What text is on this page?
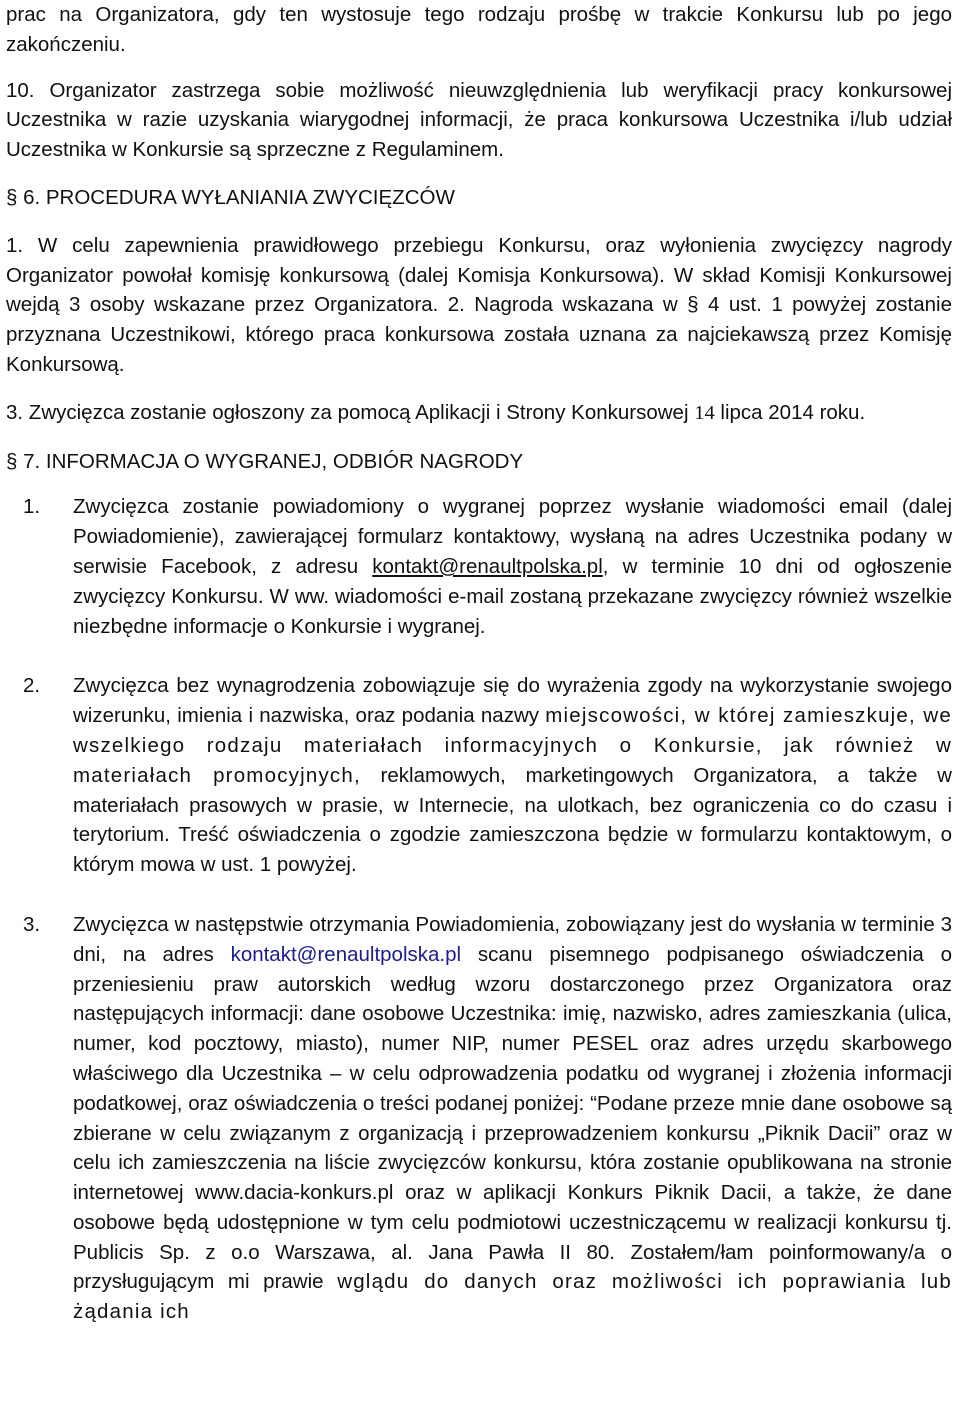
prac na Organizatora, gdy ten wystosuje tego rodzaju prośbę w trakcie Konkursu lub po jego zakończeniu.

10. Organizator zastrzega sobie możliwość nieuwzględnienia lub weryfikacji pracy konkursowej Uczestnika w razie uzyskania wiarygodnej informacji, że praca konkursowa Uczestnika i/lub udział Uczestnika w Konkursie są sprzeczne z Regulaminem.

§ 6. PROCEDURA WYŁANIANIA ZWYCIĘZCÓW

1. W celu zapewnienia prawidłowego przebiegu Konkursu, oraz wyłonienia zwycięzcy nagrody Organizator powołał komisję konkursową (dalej Komisja Konkursowa). W skład Komisji Konkursowej wejdą 3 osoby wskazane przez Organizatora. 2. Nagroda wskazana w § 4 ust. 1 powyżej zostanie przyznana Uczestnikowi, którego praca konkursowa została uznana za najciekawszą przez Komisję Konkursową.

3. Zwycięzca zostanie ogłoszony za pomocą Aplikacji i Strony Konkursowej 14 lipca 2014 roku.

§ 7. INFORMACJA O WYGRANEJ, ODBIÓR NAGRODY

1. Zwycięzca zostanie powiadomiony o wygranej poprzez wysłanie wiadomości email (dalej Powiadomienie), zawierającej formularz kontaktowy, wysłaną na adres Uczestnika podany w serwisie Facebook, z adresu kontakt@renaultpolska.pl, w terminie 10 dni od ogłoszenie zwycięzcy Konkursu. W ww. wiadomości e-mail zostaną przekazane zwycięzcy również wszelkie niezbędne informacje o Konkursie i wygranej.
2. Zwycięzca bez wynagrodzenia zobowiązuje się do wyrażenia zgody na wykorzystanie swojego wizerunku, imienia i nazwiska, oraz podania nazwy miejscowości, w której zamieszkuje, we wszelkiego rodzaju materiałach informacyjnych o Konkursie, jak również w materiałach promocyjnych, reklamowych, marketingowych Organizatora, a także w materiałach prasowych w prasie, w Internecie, na ulotkach, bez ograniczenia co do czasu i terytorium. Treść oświadczenia o zgodzie zamieszczona będzie w formularzu kontaktowym, o którym mowa w ust. 1 powyżej.
3. Zwycięzca w następstwie otrzymania Powiadomienia, zobowiązany jest do wysłania w terminie 3 dni, na adres kontakt@renaultpolska.pl scanu pisemnego podpisanego oświadczenia o przeniesieniu praw autorskich według wzoru dostarczonego przez Organizatora oraz następujących informacji: dane osobowe Uczestnika: imię, nazwisko, adres zamieszkania (ulica, numer, kod pocztowy, miasto), numer NIP, numer PESEL oraz adres urzędu skarbowego właściwego dla Uczestnika – w celu odprowadzenia podatku od wygranej i złożenia informacji podatkowej, oraz oświadczenia o treści podanej poniżej: “Podane przeze mnie dane osobowe są zbierane w celu związanym z organizacją i przeprowadzeniem konkursu „Piknik Dacii” oraz w celu ich zamieszczenia na liście zwycięzców konkursu, która zostanie opublikowana na stronie internetowej www.dacia-konkurs.pl oraz w aplikacji Konkurs Piknik Dacii, a także, że dane osobowe będą udostępnione w tym celu podmiotowi uczestniczącemu w realizacji konkursu tj. Publicis Sp. z o.o Warszawa, al. Jana Pawła II 80. Zostałem/łam poinformowany/a o przysługującym mi prawie wglądu do danych oraz możliwości ich poprawiania lub żądania ich
